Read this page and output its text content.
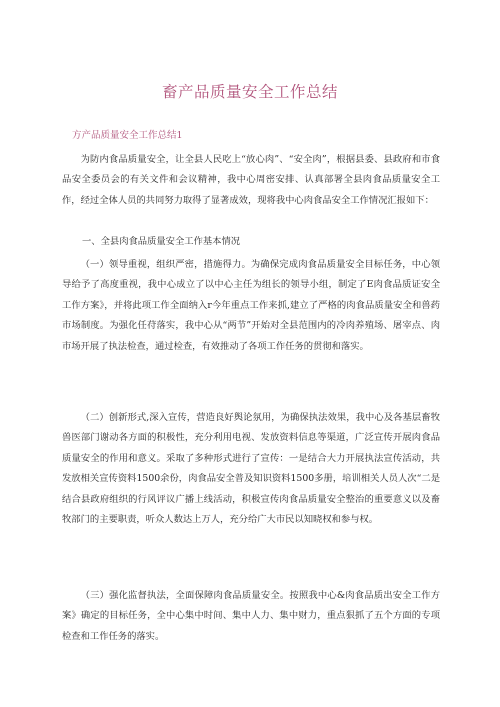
畜产品质量安全工作总结
方产品质量安全工作总结1

为防内食品质量安全，让全县人民吃上“放心肉”、“安全肉”，根据县委、县政府和市食品安全委员会的有关文件和会议精神，我中心周密安排、认真部署全县肉食品质量安全工作，经过全体人员的共同努力取得了显著成效，现将我中心肉食品安全工作情况汇报如下：

一、全县肉食品质量安全工作基本情况

（一）领导重视，组织严密，措施得力。为确保完成肉食品质量安全目标任务，中心领导给予了高度重视，我中心成立了以中心主任为组长的领导小组，制定了E肉食品质证安全工作方案》，并将此项工作全面纳入r今年重点工作来抓,建立了严格的肉食品质量安全和兽药市场制度。为强化任苻落实，我中心从“两节”开始对全县范围内的冷肉养殖场、屠宰点、肉市场开展了执法检查，通过检查，有效推动了各项工作任务的贯彻和落实。

（二）创新形式,深入宣传，营造良好舆论氛用，为确保执法效果，我中心及各基层畜牧兽医部门谢动各方面的积极性，充分利用电视、发放资料信息等渠道，广泛宣传开展肉食品质量安全的作用和意义。采取了多种形式进行了宣传：一是结合大力开展执法宣传活动，共发放相关宣传资料1500余份，肉食品安全普及知识资料1500多册，培训相关人员人次“二是结合县政府组织的行风评议广播上线活动，积极宣传肉食品质量安全整治的重要意义以及畜牧部门的主要职责，听众人数达上万人，充分给广大市民以知晓权和参与权。

（三）强化监督执法，全面保障肉食品质量安全。按照我中心&肉食品质出安全工作方案》确定的目标任务，全中心集中时间、集中人力、集中财力，重点狠抓了五个方面的专项检查和工作任务的落实。
